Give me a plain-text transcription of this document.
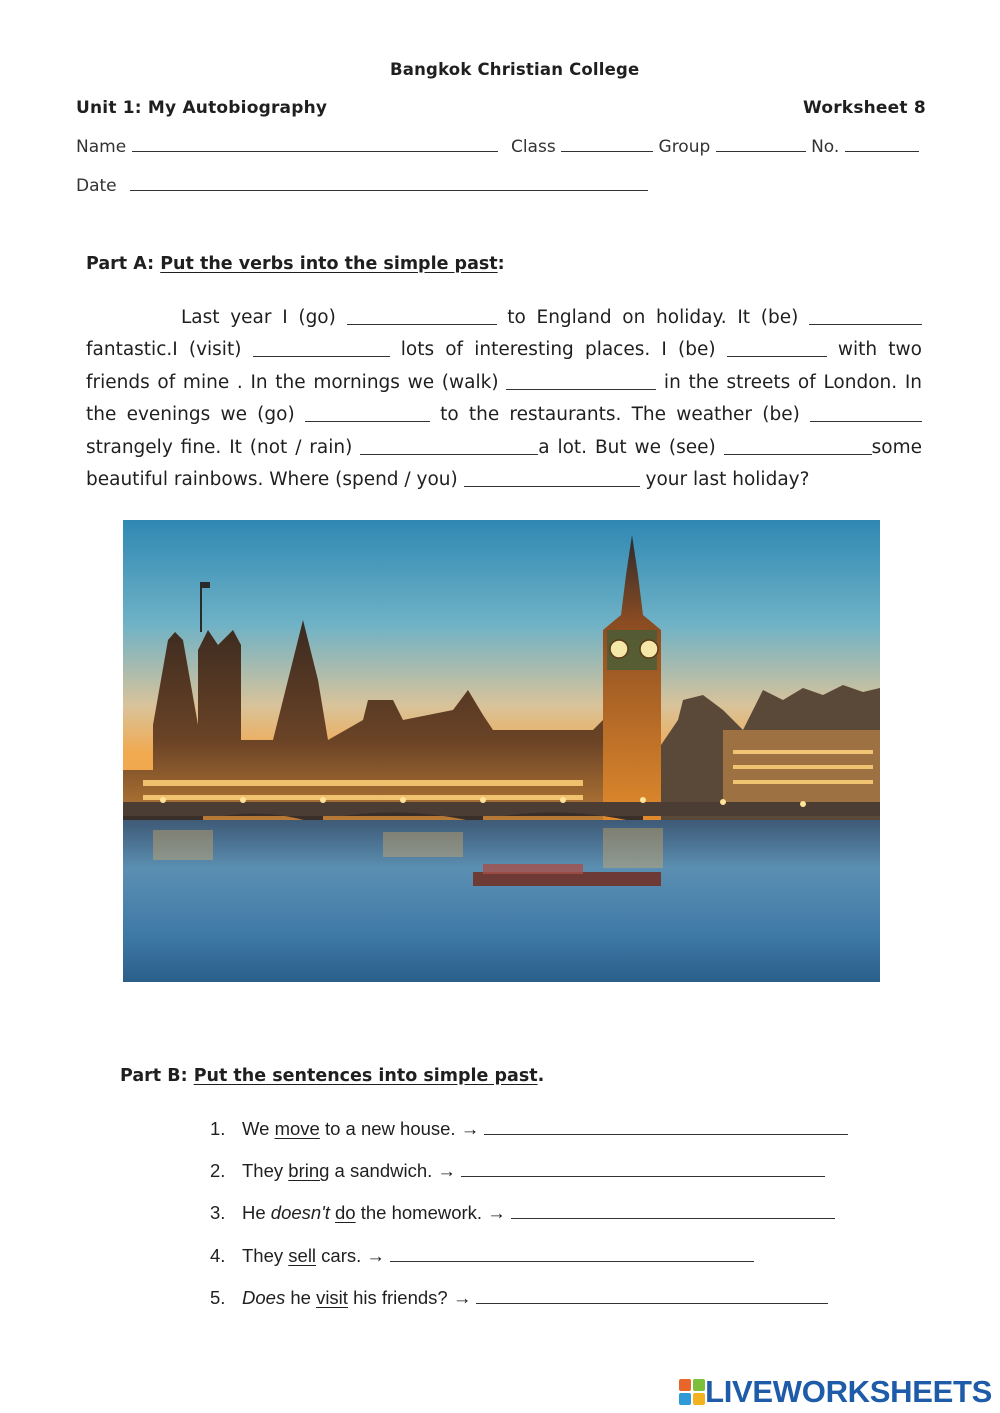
Bangkok Christian College
Unit 1: My Autobiography	Worksheet 8
Name	Class	Group	No.
Date
Part A: Put the verbs into the simple past:
Last year I (go)	to England on holiday. It (be)  fantastic.I (visit)	lots of interesting places. I (be)	with two friends of mine . In the mornings we (walk)	in the streets of London. In the evenings we (go)	to the restaurants. The weather (be)  strangely fine. It (not / rain)	a lot. But we (see)	some beautiful rainbows. Where (spend / you)	your last holiday?
Part B: Put the sentences into simple past.
1. We move to a new house. →
2. They bring a sandwich. →
3. He doesn't do the homework. →
4. They sell cars. →
5. Does he visit his friends? →
LIVEWORKSHEETS
